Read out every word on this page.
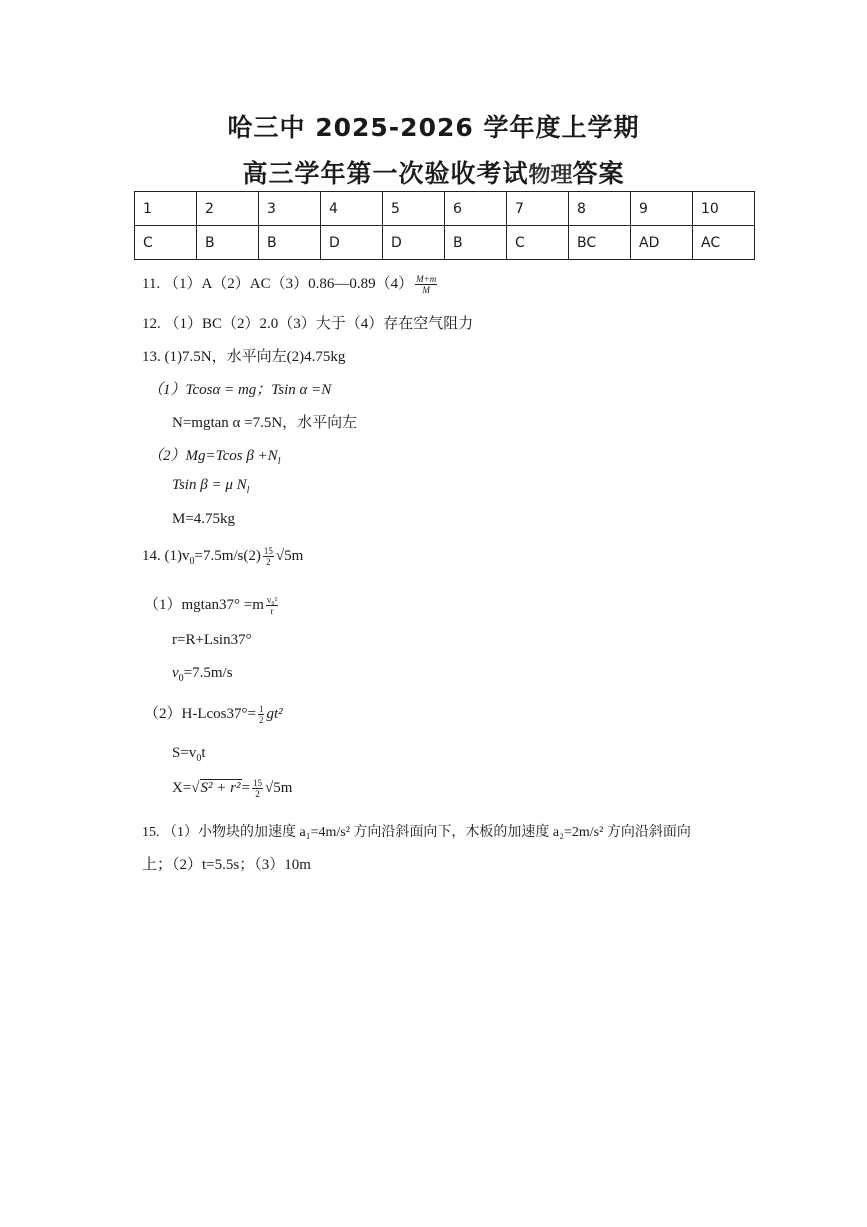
哈三中 2025-2026 学年度上学期
高三学年第一次验收考试物理答案
1	2	3	4	5	6	7	8	9	10
C	B	B	D	D	B	C	BC	AD	AC
11. （1）A（2）AC（3）0.86—0.89（4） $\frac{M+m}{M}$
12. （1）BC（2）2.0（3）大于（4）存在空气阻力
13. (1)7.5N，水平向左(2)4.75kg
（1）Tcosα = mg；Tsin α =N
N=mgtan α =7.5N，水平向左
（2）Mg=Tcos $\beta +N_l$
Tsin β = μ $N_l$
M=4.75kg
14. $(1)v_0=7.5m/s(2) \frac{15}{2} √5m$
$(1)mgtan37^\circ =m \frac{\text{v₀²}}{r}$
r=R+Lsin37°
$v_0=7.5m/s$
$(2)H-Lcos37^\circ= \frac{1}{2} gt^2$
$S=v_0t$
$X=√S^2 + r^2= \frac{15}{2} √5m$
15. （1）小物块的加速度 a₁=4m/s² 方向沿斜面向下，木板的加速度 a₂=2m/s² 方向沿斜面向
上；（2）t=5.5s；（3）10m
